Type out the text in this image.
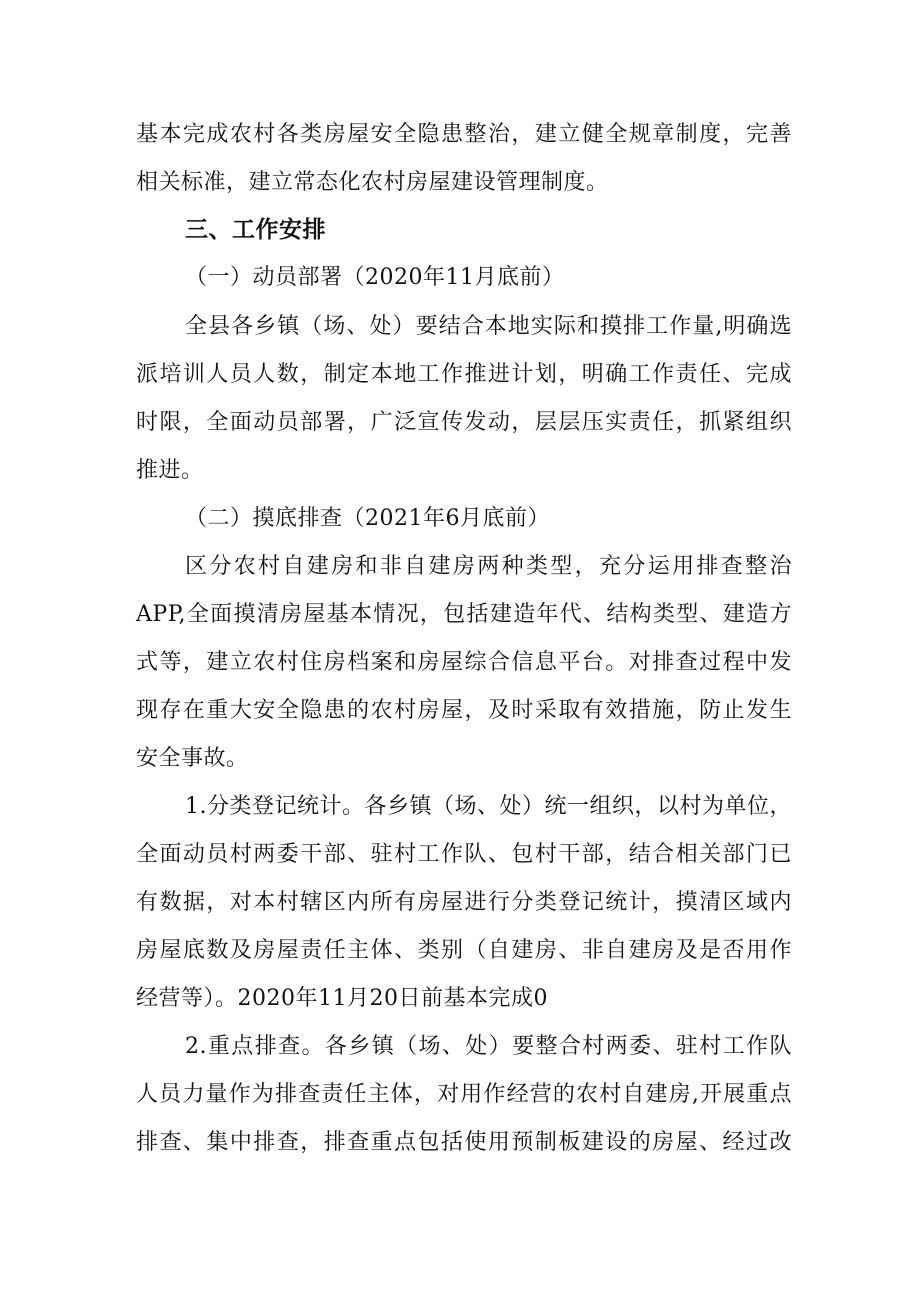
基本完成农村各类房屋安全隐患整治，建立健全规章制度，完善
相关标准，建立常态化农村房屋建设管理制度。
三、工作安排
（一）动员部署（2020年11月底前）
全县各乡镇（场、处）要结合本地实际和摸排工作量,明确选
派培训人员人数，制定本地工作推进计划，明确工作责任、完成
时限，全面动员部署，广泛宣传发动，层层压实责任，抓紧组织
推进。
（二）摸底排查（2021年6月底前）
区分农村自建房和非自建房两种类型，充分运用排查整治
APP,全面摸清房屋基本情况，包括建造年代、结构类型、建造方
式等，建立农村住房档案和房屋综合信息平台。对排查过程中发
现存在重大安全隐患的农村房屋，及时采取有效措施，防止发生
安全事故。
1.分类登记统计。各乡镇（场、处）统一组织，以村为单位，
全面动员村两委干部、驻村工作队、包村干部，结合相关部门已
有数据，对本村辖区内所有房屋进行分类登记统计，摸清区域内
房屋底数及房屋责任主体、类别（自建房、非自建房及是否用作
经营等）。2020年11月20日前基本完成0
2.重点排查。各乡镇（场、处）要整合村两委、驻村工作队
人员力量作为排查责任主体，对用作经营的农村自建房,开展重点
排查、集中排查，排查重点包括使用预制板建设的房屋、经过改
